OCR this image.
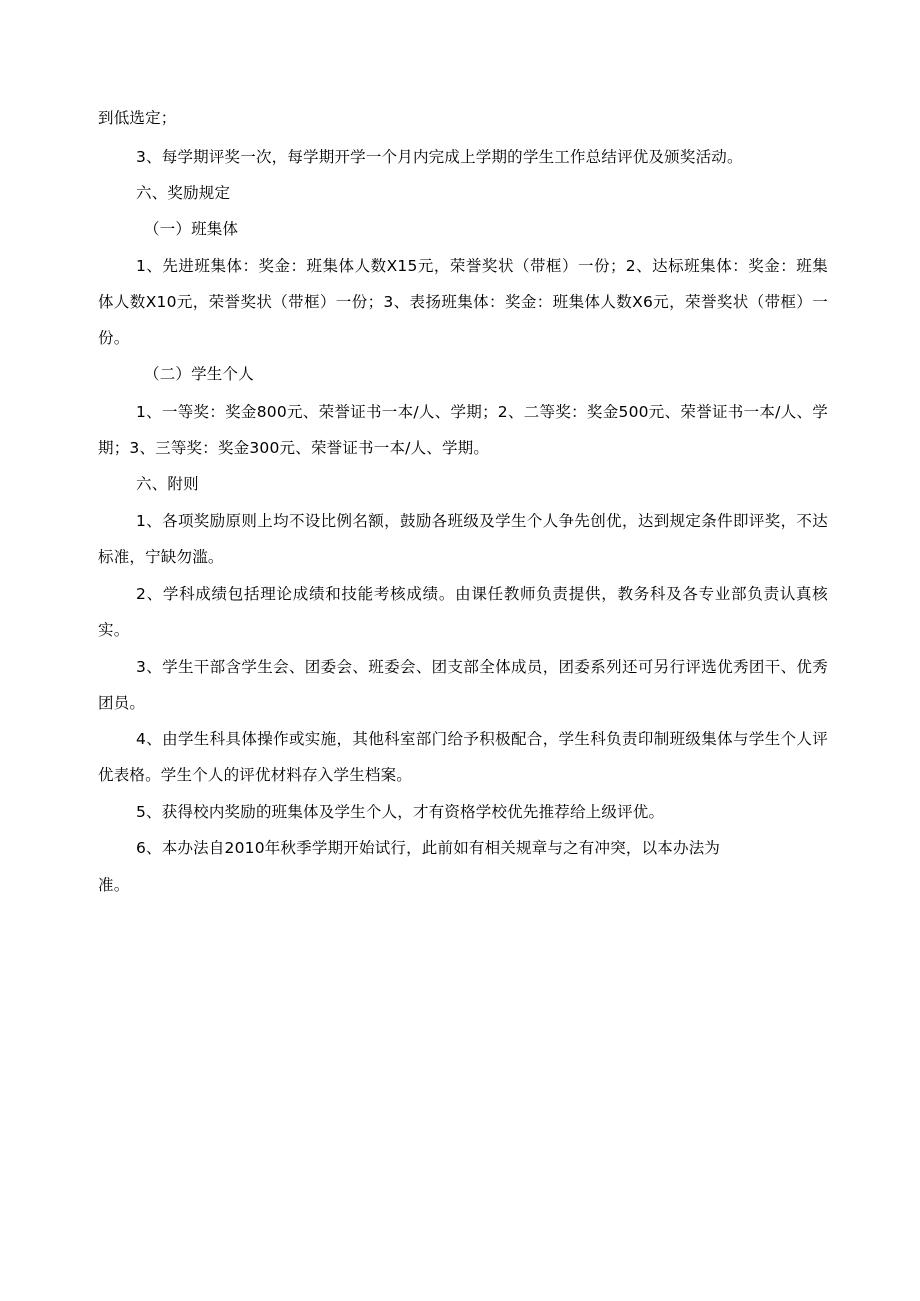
到低选定；
3、每学期评奖一次，每学期开学一个月内完成上学期的学生工作总结评优及颁奖活动。
六、奖励规定
（一）班集体
1、先进班集体：奖金：班集体人数X15元，荣誉奖状（带框）一份；2、达标班集体：奖金：班集体人数X10元，荣誉奖状（带框）一份；3、表扬班集体：奖金：班集体人数X6元，荣誉奖状（带框）一份。
（二）学生个人
1、一等奖：奖金800元、荣誉证书一本/人、学期；2、二等奖：奖金500元、荣誉证书一本/人、学期；3、三等奖：奖金300元、荣誉证书一本/人、学期。
六、附则
1、各项奖励原则上均不设比例名额，鼓励各班级及学生个人争先创优，达到规定条件即评奖，不达标准，宁缺勿滥。
2、学科成绩包括理论成绩和技能考核成绩。由课任教师负责提供，教务科及各专业部负责认真核实。
3、学生干部含学生会、团委会、班委会、团支部全体成员，团委系列还可另行评选优秀团干、优秀团员。
4、由学生科具体操作或实施，其他科室部门给予积极配合，学生科负责印制班级集体与学生个人评优表格。学生个人的评优材料存入学生档案。
5、获得校内奖励的班集体及学生个人，才有资格学校优先推荐给上级评优。
6、本办法自2010年秋季学期开始试行，此前如有相关规章与之有冲突，以本办法为
准。
